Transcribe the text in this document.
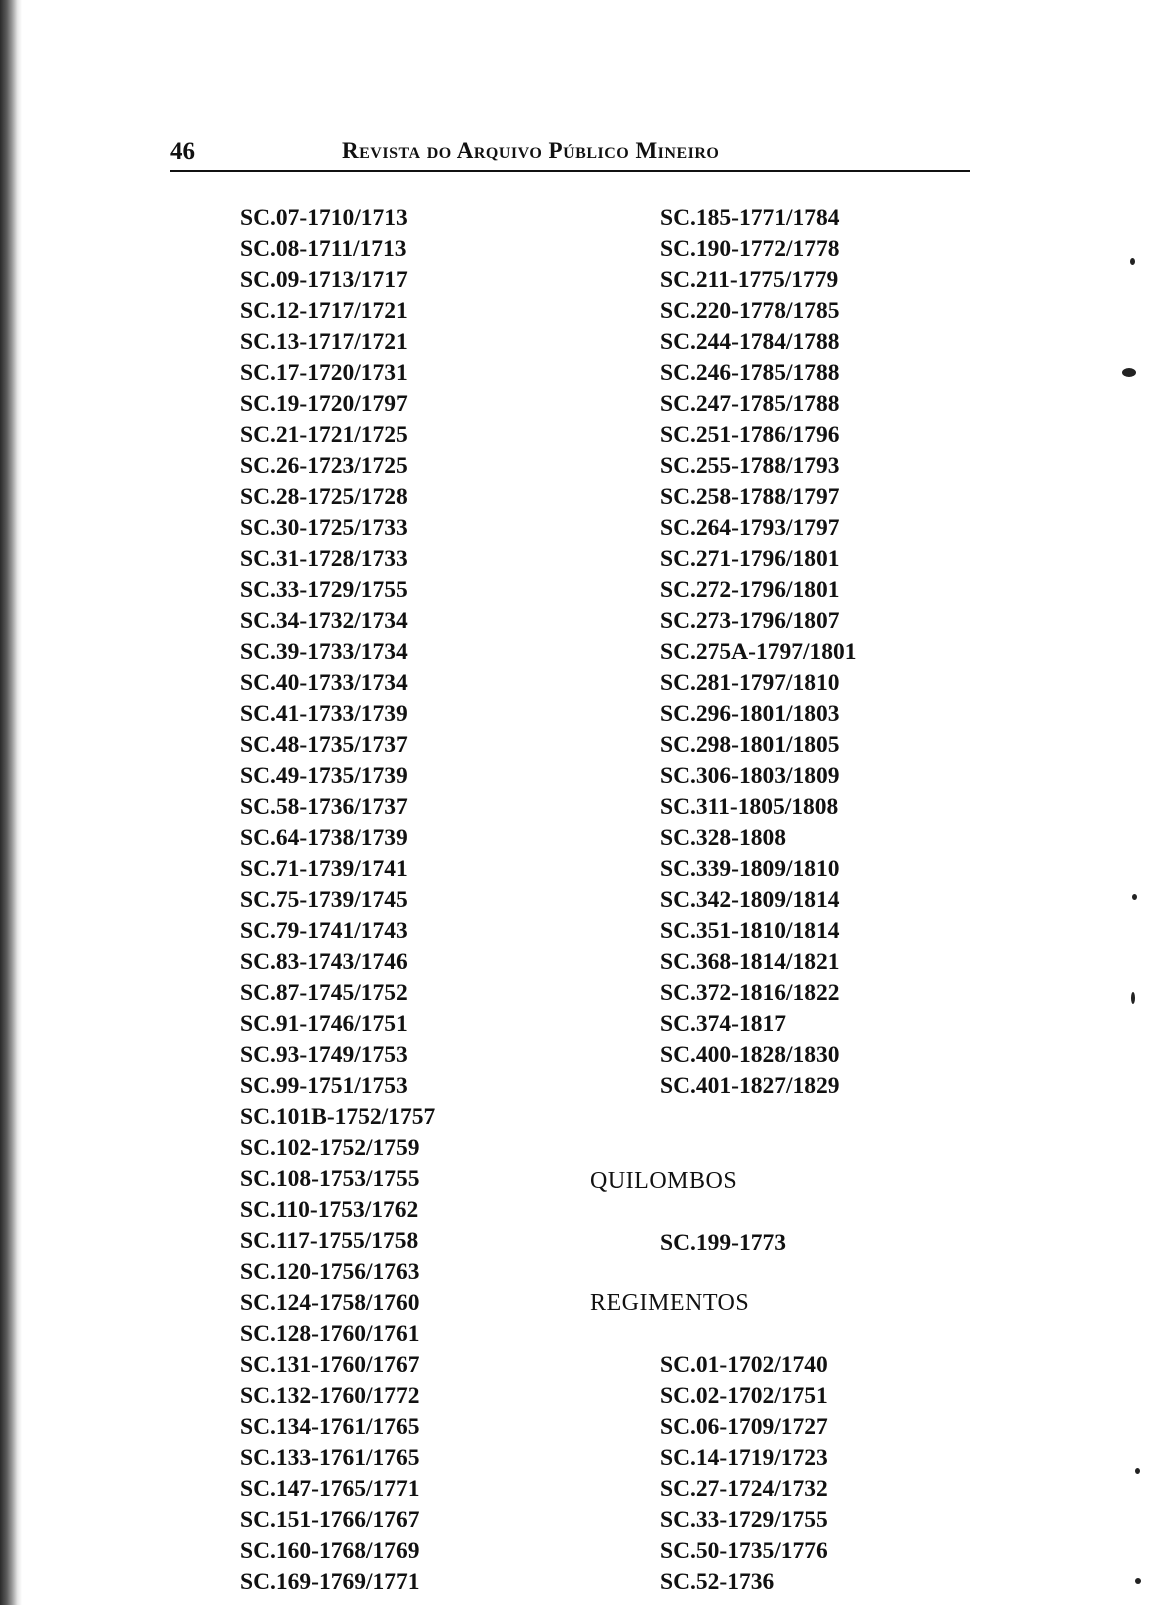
46	Revista do Arquivo Público Mineiro
SC.07-1710/1713
SC.08-1711/1713
SC.09-1713/1717
SC.12-1717/1721
SC.13-1717/1721
SC.17-1720/1731
SC.19-1720/1797
SC.21-1721/1725
SC.26-1723/1725
SC.28-1725/1728
SC.30-1725/1733
SC.31-1728/1733
SC.33-1729/1755
SC.34-1732/1734
SC.39-1733/1734
SC.40-1733/1734
SC.41-1733/1739
SC.48-1735/1737
SC.49-1735/1739
SC.58-1736/1737
SC.64-1738/1739
SC.71-1739/1741
SC.75-1739/1745
SC.79-1741/1743
SC.83-1743/1746
SC.87-1745/1752
SC.91-1746/1751
SC.93-1749/1753
SC.99-1751/1753
SC.101B-1752/1757
SC.102-1752/1759
SC.108-1753/1755
SC.110-1753/1762
SC.117-1755/1758
SC.120-1756/1763
SC.124-1758/1760
SC.128-1760/1761
SC.131-1760/1767
SC.132-1760/1772
SC.134-1761/1765
SC.133-1761/1765
SC.147-1765/1771
SC.151-1766/1767
SC.160-1768/1769
SC.169-1769/1771
SC.185-1771/1784
SC.190-1772/1778
SC.211-1775/1779
SC.220-1778/1785
SC.244-1784/1788
SC.246-1785/1788
SC.247-1785/1788
SC.251-1786/1796
SC.255-1788/1793
SC.258-1788/1797
SC.264-1793/1797
SC.271-1796/1801
SC.272-1796/1801
SC.273-1796/1807
SC.275A-1797/1801
SC.281-1797/1810
SC.296-1801/1803
SC.298-1801/1805
SC.306-1803/1809
SC.311-1805/1808
SC.328-1808
SC.339-1809/1810
SC.342-1809/1814
SC.351-1810/1814
SC.368-1814/1821
SC.372-1816/1822
SC.374-1817
SC.400-1828/1830
SC.401-1827/1829
QUILOMBOS
SC.199-1773
REGIMENTOS
SC.01-1702/1740
SC.02-1702/1751
SC.06-1709/1727
SC.14-1719/1723
SC.27-1724/1732
SC.33-1729/1755
SC.50-1735/1776
SC.52-1736
